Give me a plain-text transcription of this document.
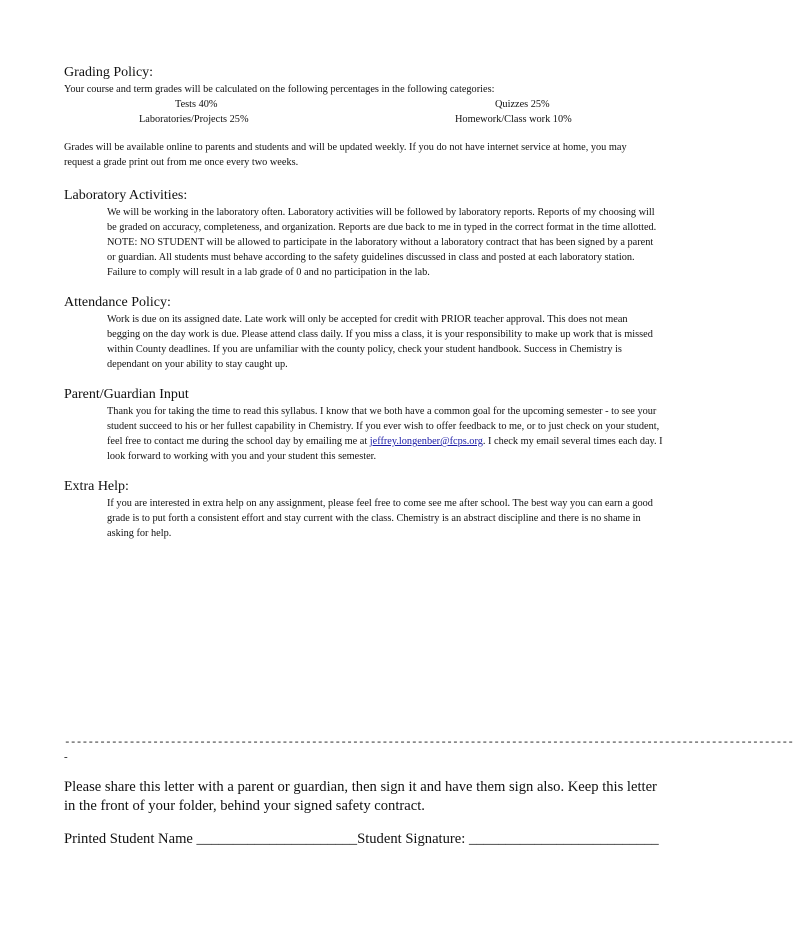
Grading Policy:

Your course and term grades will be calculated on the following percentages in the following categories:
Tests 40%	Quizzes 25%
Laboratories/Projects 25%	Homework/Class work 10%
Grades will be available online to parents and students and will be updated weekly. If you do not have internet service at home, you may request a grade print out from me once every two weeks.

Laboratory Activities:

We will be working in the laboratory often. Laboratory activities will be followed by laboratory reports. Reports of my choosing will be graded on accuracy, completeness, and organization. Reports are due back to me in typed in the correct format in the time allotted. NOTE: NO STUDENT will be allowed to participate in the laboratory without a laboratory contract that has been signed by a parent or guardian. All students must behave according to the safety guidelines discussed in class and posted at each laboratory station. Failure to comply will result in a lab grade of 0 and no participation in the lab.

Attendance Policy:

Work is due on its assigned date. Late work will only be accepted for credit with PRIOR teacher approval. This does not mean begging on the day work is due. Please attend class daily. If you miss a class, it is your responsibility to make up work that is missed within County deadlines. If you are unfamiliar with the county policy, check your student handbook. Success in Chemistry is dependant on your ability to stay caught up.

Parent/Guardian Input

Thank you for taking the time to read this syllabus. I know that we both have a common goal for the upcoming semester - to see your student succeed to his or her fullest capability in Chemistry. If you ever wish to offer feedback to me, or to just check on your student, feel free to contact me during the school day by emailing me at jeffrey.longenber@fcps.org. I check my email several times each day. I look forward to working with you and your student this semester.

Extra Help:

If you are interested in extra help on any assignment, please feel free to come see me after school. The best way you can earn a good grade is to put forth a consistent effort and stay current with the class. Chemistry is an abstract discipline and there is no shame in asking for help.
----------------------------------------------------------------------------------------------------------------------------
-
Please share this letter with a parent or guardian, then sign it and have them sign also. Keep this letter in the front of your folder, behind your signed safety contract.
Printed Student Name ______________________Student Signature: __________________________
